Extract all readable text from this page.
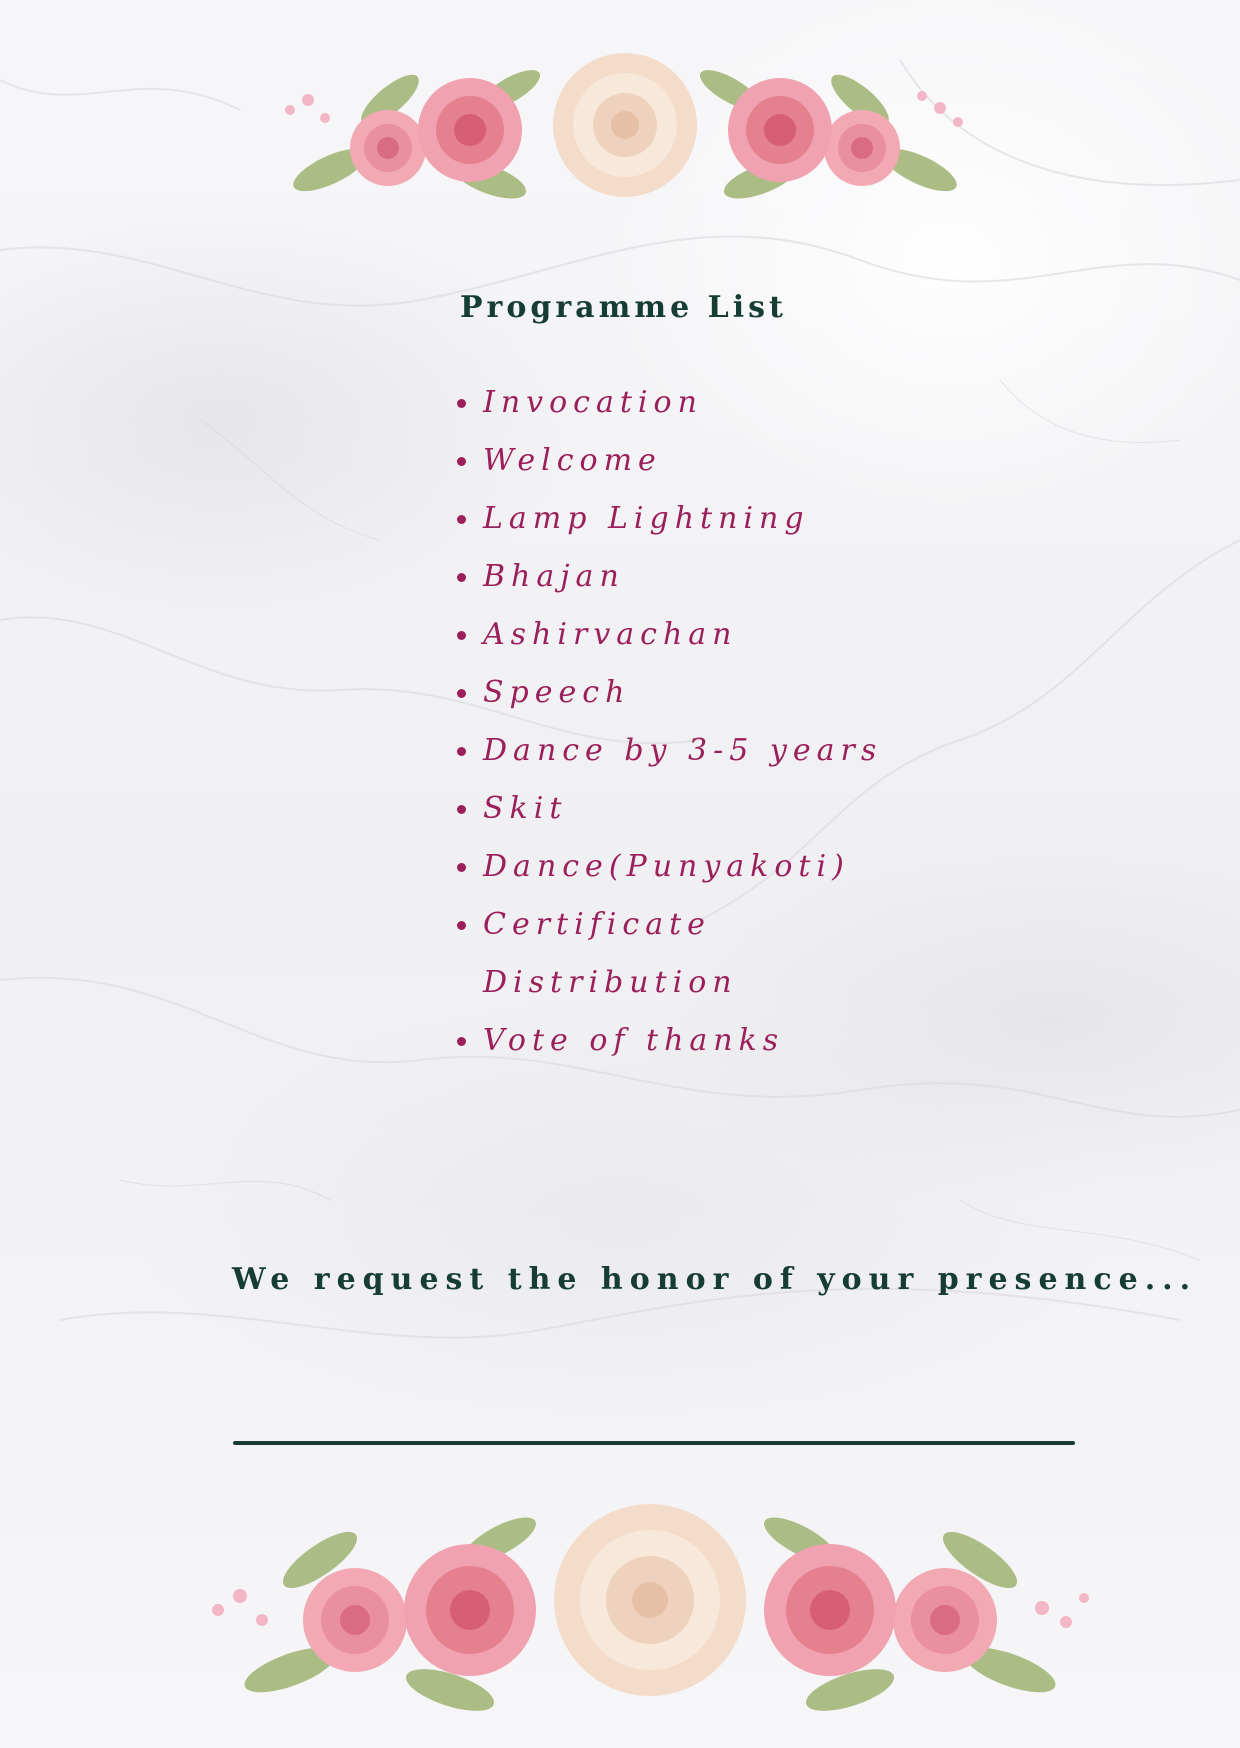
Programme List
Invocation
Welcome
Lamp Lightning
Bhajan
Ashirvachan
Speech
Dance by 3-5 years
Skit
Dance(Punyakoti)
Certificate Distribution
Vote of thanks
We request the honor of your presence...
